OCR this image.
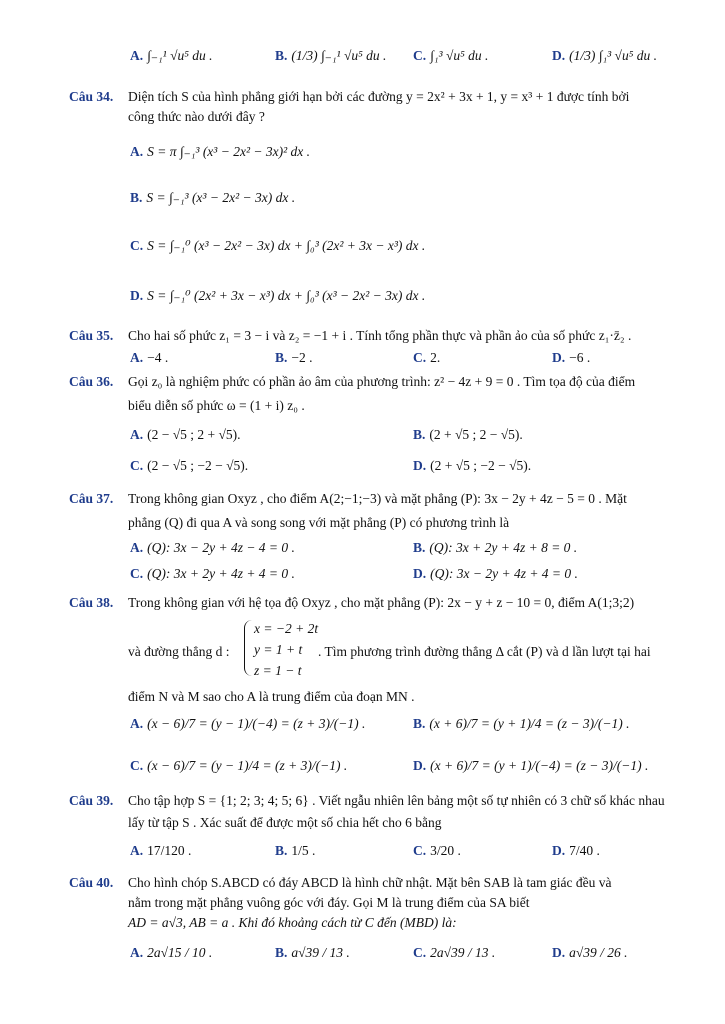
A. ∫₋₁¹ √u⁵ du .	B. (1/3) ∫₋₁¹ √u⁵ du . C. ∫₁³ √u⁵ du .	D. (1/3) ∫₁³ √u⁵ du .
Câu 34. Diện tích S của hình phẳng giới hạn bởi các đường y = 2x² + 3x + 1, y = x³ + 1 được tính bởi
công thức nào dưới đây ?
A. S = π ∫₋₁³ (x³ − 2x² − 3x)² dx .
B. S = ∫₋₁³ (x³ − 2x² − 3x) dx .
C. S = ∫₋₁⁰ (x³ − 2x² − 3x) dx + ∫₀³ (2x² + 3x − x³) dx .
D. S = ∫₋₁⁰ (2x² + 3x − x³) dx + ∫₀³ (x³ − 2x² − 3x) dx .
Câu 35. Cho hai số phức z₁ = 3 − i và z₂ = −1 + i . Tính tổng phần thực và phần ảo của số phức z₁·z̄₂ .
A. −4 .	B. −2 .	C. 2.	D. −6 .
Câu 36. Gọi z₀ là nghiệm phức có phần ảo âm của phương trình: z² − 4z + 9 = 0 . Tìm tọa độ của điểm
biểu diễn số phức ω = (1 + i) z₀ .
A. (2 − √5 ; 2 + √5).	B. (2 + √5 ; 2 − √5).
C. (2 − √5 ; −2 − √5).	D. (2 + √5 ; −2 − √5).
Câu 37. Trong không gian Oxyz , cho điểm A(2;−1;−3) và mặt phẳng (P): 3x − 2y + 4z − 5 = 0 . Mặt
phẳng (Q) đi qua A và song song với mặt phẳng (P) có phương trình là
A. (Q): 3x − 2y + 4z − 4 = 0 .	B. (Q): 3x + 2y + 4z + 8 = 0 .
C. (Q): 3x + 2y + 4z + 4 = 0 .	D. (Q): 3x − 2y + 4z + 4 = 0 .
Câu 38. Trong không gian với hệ tọa độ Oxyz , cho mặt phẳng (P): 2x − y + z − 10 = 0, điểm A(1;3;2)
và đường thẳng d :
x = −2 + 2t
y = 1 + t
z = 1 − t
. Tìm phương trình đường thẳng Δ cắt (P) và d lần lượt tại hai
điểm N và M sao cho A là trung điểm của đoạn MN .
A. (x − 6)/7 = (y − 1)/(−4) = (z + 3)/(−1) .	B. (x + 6)/7 = (y + 1)/4 = (z − 3)/(−1) .
C. (x − 6)/7 = (y − 1)/4 = (z + 3)/(−1) .	D. (x + 6)/7 = (y + 1)/(−4) = (z − 3)/(−1) .
Câu 39. Cho tập hợp S = {1; 2; 3; 4; 5; 6} . Viết ngẫu nhiên lên bảng một số tự nhiên có 3 chữ số khác nhau
lấy từ tập S . Xác suất để được một số chia hết cho 6 bằng
A. 17/120 .	B. 1/5 .	C. 3/20 .	D. 7/40 .
Câu 40. Cho hình chóp S.ABCD có đáy ABCD là hình chữ nhật. Mặt bên SAB là tam giác đều và
nằm trong mặt phẳng vuông góc với đáy. Gọi M là trung điểm của SA biết
AD = a√3, AB = a . Khi đó khoảng cách từ C đến (MBD) là:
A. 2a√15 / 10 .	B. a√39 / 13 .	C. 2a√39 / 13 .	D. a√39 / 26 .
